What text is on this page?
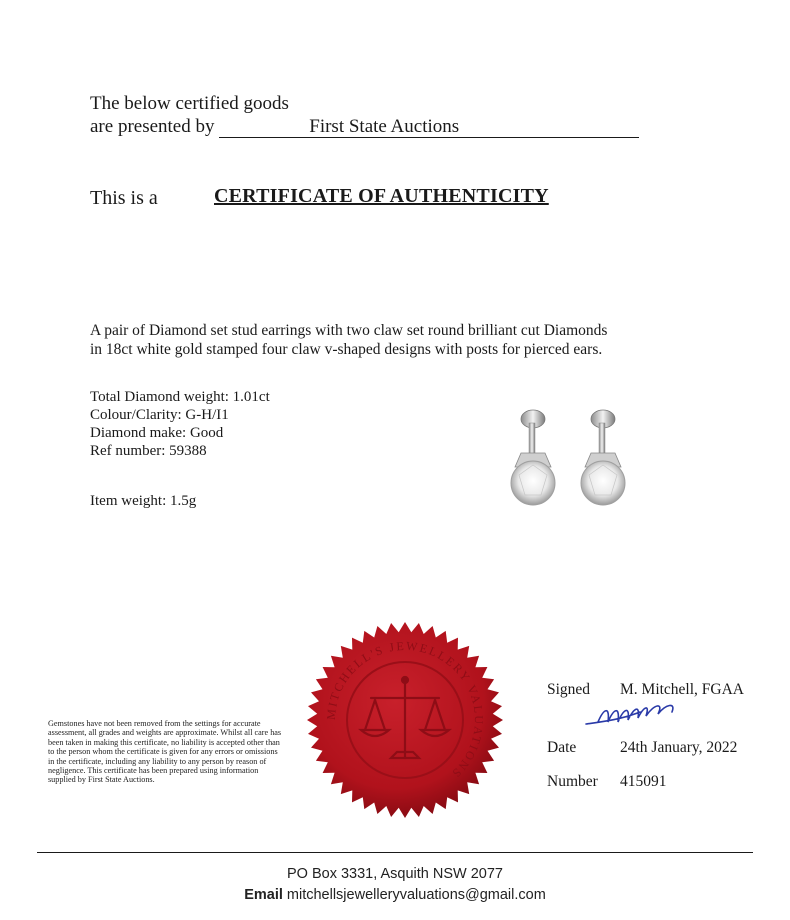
The below certified goods
are presented by	First State Auctions
This is a	CERTIFICATE OF AUTHENTICITY
A pair of Diamond set stud earrings with two claw set round brilliant cut Diamonds
in 18ct white gold stamped four claw v-shaped designs with posts for pierced ears.
Total Diamond weight: 1.01ct
Colour/Clarity: G-H/I1
Diamond make: Good
Ref number: 59388
Item weight: 1.5g
MITCHELL'S JEWELLERY VALUATIONS
Gemstones have not been removed from the settings for accurate assessment, all grades and weights are approximate. Whilst all care has been taken in making this certificate, no liability is accepted other than to the person whom the certificate is given for any errors or omissions in the certificate, including any liability to any person by reason of negligence. This certificate has been prepared using information supplied by First State Auctions.
Signed M. Mitchell, FGAA
Date	24th January, 2022
Number 415091
PO Box 3331, Asquith NSW 2077
Email mitchellsjewelleryvaluations@gmail.com
